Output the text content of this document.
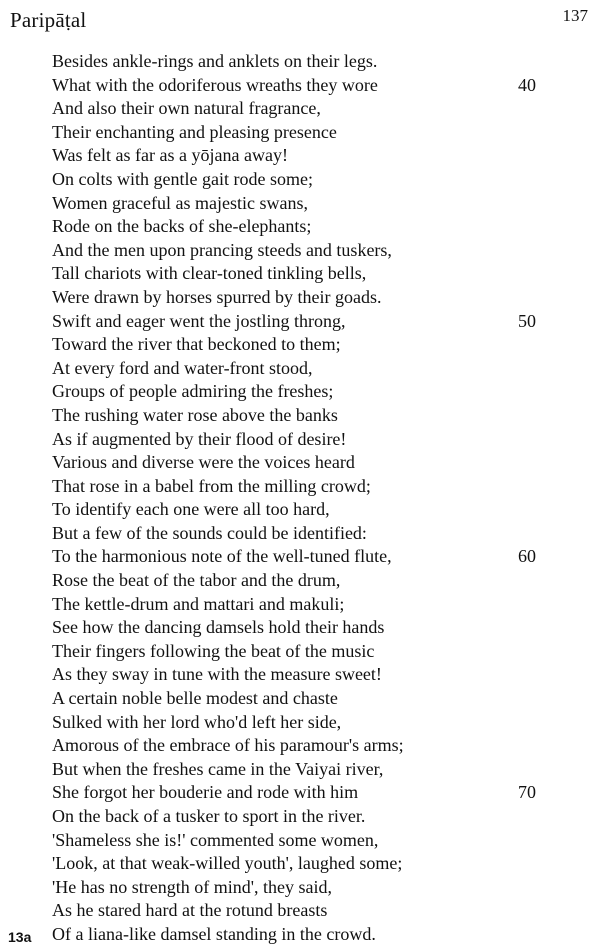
Paripāṭal	137
Besides ankle-rings and anklets on their legs.
What with the odoriferous wreaths they wore	40
And also their own natural fragrance,
Their enchanting and pleasing presence
Was felt as far as a yōjana away!
On colts with gentle gait rode some;
Women graceful as majestic swans,
Rode on the backs of she-elephants;
And the men upon prancing steeds and tuskers,
Tall chariots with clear-toned tinkling bells,
Were drawn by horses spurred by their goads.
Swift and eager went the jostling throng,	50
Toward the river that beckoned to them;
At every ford and water-front stood,
Groups of people admiring the freshes;
The rushing water rose above the banks
As if augmented by their flood of desire!
Various and diverse were the voices heard
That rose in a babel from the milling crowd;
To identify each one were all too hard,
But a few of the sounds could be identified:
To the harmonious note of the well-tuned flute,	60
Rose the beat of the tabor and the drum,
The kettle-drum and mattari and makuli;
See how the dancing damsels hold their hands
Their fingers following the beat of the music
As they sway in tune with the measure sweet!
A certain noble belle modest and chaste
Sulked with her lord who'd left her side,
Amorous of the embrace of his paramour's arms;
But when the freshes came in the Vaiyai river,
She forgot her bouderie and rode with him	70
On the back of a tusker to sport in the river.
'Shameless she is!' commented some women,
'Look, at that weak-willed youth', laughed some;
'He has no strength of mind', they said,
As he stared hard at the rotund breasts
Of a liana-like damsel standing in the crowd.
13a
